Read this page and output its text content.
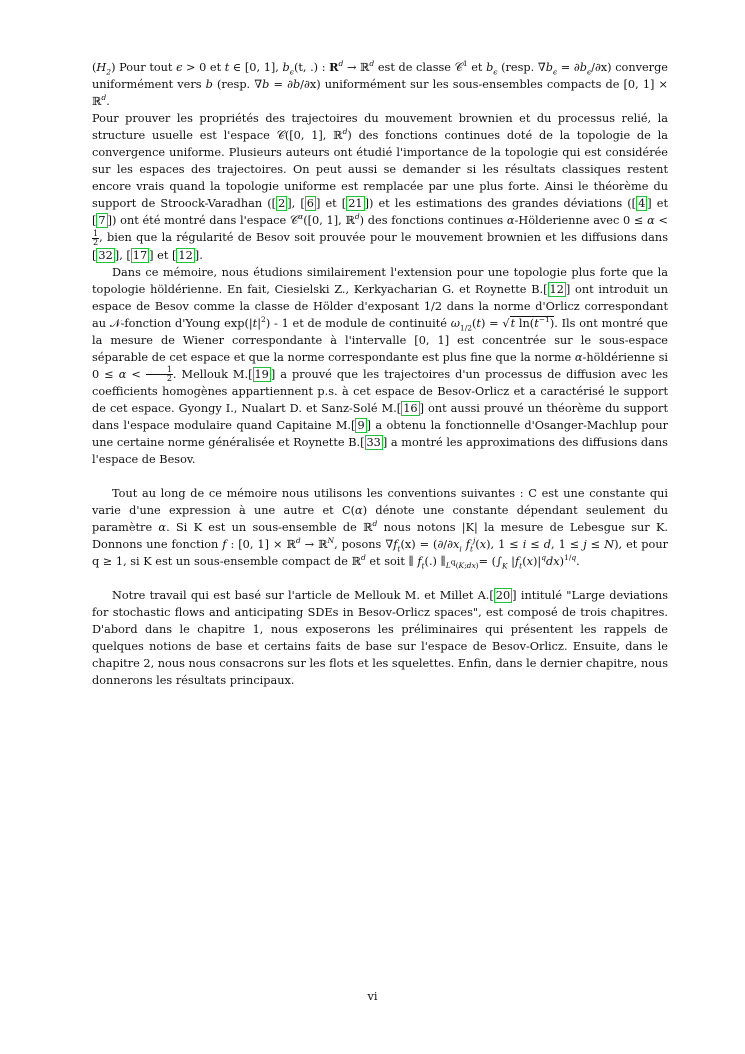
$(H_2)$ Pour tout ϵ > 0 et t ∈ [0, 1], $b_\epsilon(t$, .) : $R^d$ → ℝ$^d$ est de classe 𝒞$^1$ et $b_\epsilon$ (resp. $\nabla b_\epsilon = \partial b_\epsilon/\partial x$) converge uniformément vers b (resp. ∇b = ∂b/∂x) uniformément sur les sous-ensembles compacts de [0, 1] × ℝ$^d$.

Pour prouver les propriétés des trajectoires du mouvement brownien et du processus relié, la structure usuelle est l'espace 𝒞([0, 1], ℝ$^d$) des fonctions continues doté de la topologie de la convergence uniforme. Plusieurs auteurs ont étudié l'importance de la topologie qui est considérée sur les espaces des trajectoires. On peut aussi se demander si les résultats classiques restent encore vrais quand la topologie uniforme est remplacée par une plus forte. Ainsi le théorème du support de Stroock-Varadhan ([ 2 ], [ 6 ] et [ 21 ]) et les estimations des grandes déviations ([ 4 ] et [ 7 ]) ont été montré dans l'espace 𝒞$^\alpha$([0, 1], ℝ$^d$) des fonctions continues α-Hölderienne avec 0 ≤ α <
$\frac{1}{2}$ , bien que la régularité de Besov soit prouvée pour le mouvement brownien et les diffusions dans [ 32 ], [ 17 ] et [ 12 ].

Dans ce mémoire, nous étudions similairement l'extension pour une topologie plus forte que la topologie höldérienne. En fait, Ciesielski Z., Kerkyacharian G. et Roynette B.[ 12 ] ont introduit un espace de Besov comme la classe de Hölder d'exposant 1/2 dans la norme d'Orlicz correspondant au 𝒩-fonction d'Young $\exp(|t|^2) - 1$ et de module de continuité $\omega_{1/2}(t) = √t$ $\ln(t^{-1})$. Ils ont montré que la mesure de Wiener correspondante à l'intervalle [0, 1] est concentrée sur le sous-espace séparable de cet espace et que la norme correspondante est plus fine que la norme α-höldérienne si $0 \le \alpha < \frac{1}{2}$ . Mellouk M.[ 19 ] a prouvé que les trajectoires d'un processus de diffusion avec les coefficients homogènes appartiennent p.s. à cet espace de Besov-Orlicz et a caractérisé le support de cet espace. Gyongy I., Nualart D. et Sanz-Solé M.[ 16 ] ont aussi prouvé un théorème du support dans l'espace modulaire quand Capitaine M.[ 9 ] a obtenu la fonctionnelle d'Osanger-Machlup pour une certaine norme généralisée et Roynette B.[ 33 ] a montré les approximations des diffusions dans l'espace de Besov.

Tout au long de ce mémoire nous utilisons les conventions suivantes : C est une constante qui varie d'une expression à une autre et C(α) dénote une constante dépendant seulement du paramètre α. Si K est un sous-ensemble de ℝ$^d$ nous notons |K| la mesure de Lebesgue sur K. Donnons une fonction f : [0, 1] × ℝ$^d$ → ℝ$^N$, posons $\nabla f_t(x) = (\partial/\partial x_i$ $f_t^j(x)$, 1 ≤ i ≤ d, 1 ≤ j ≤ N), et pour q ≥ 1, si K est un sous-ensemble compact de ℝ$^d$ et soit ∥ $f_t(.)$ $\parallel_{L^q(K;dx)}= (\int_K$ $|f_t(x)|^qdx)^{1/q}$.

Notre travail qui est basé sur l'article de Mellouk M. et Millet A.[ 20 ] intitulé "Large deviations for stochastic flows and anticipating SDEs in Besov-Orlicz spaces", est composé de trois chapitres. D'abord dans le chapitre 1, nous exposerons les préliminaires qui présentent les rappels de quelques notions de base et certains faits de base sur l'espace de Besov-Orlicz. Ensuite, dans le chapitre 2, nous nous consacrons sur les flots et les squelettes. Enfin, dans le dernier chapitre, nous donnerons les résultats principaux.

vi
